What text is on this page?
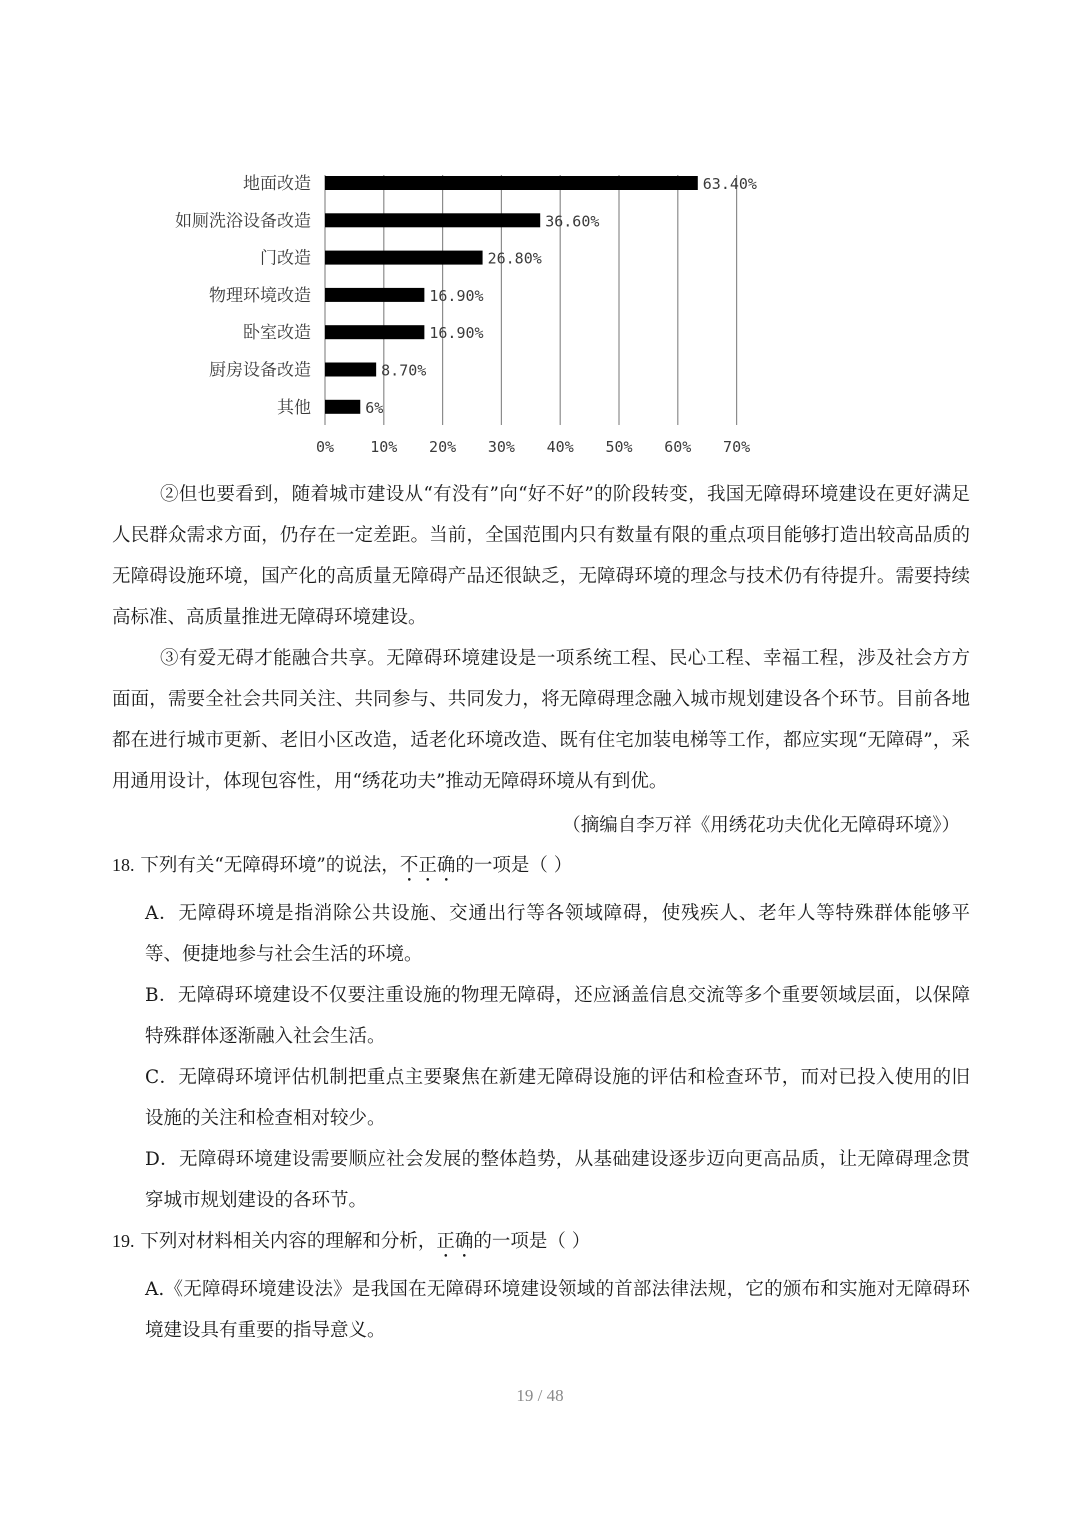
地面改造
如厕洗浴设备改造
门改造
物理环境改造
卧室改造
厨房设备改造
其他
63.40%
36.60%
26.80%
16.90%
16.90%
8.70%
6%
0% 10% 20% 30% 40% 50% 60% 70%

②但也要看到，随着城市建设从“有没有”向“好不好”的阶段转变，我国无障碍环境建设在更好满足人民群众需求方面，仍存在一定差距。当前，全国范围内只有数量有限的重点项目能够打造出较高品质的无障碍设施环境，国产化的高质量无障碍产品还很缺乏，无障碍环境的理念与技术仍有待提升。需要持续高标准、高质量推进无障碍环境建设。

③有爱无碍才能融合共享。无障碍环境建设是一项系统工程、民心工程、幸福工程，涉及社会方方面面，需要全社会共同关注、共同参与、共同发力，将无障碍理念融入城市规划建设各个环节。目前各地都在进行城市更新、老旧小区改造，适老化环境改造、既有住宅加装电梯等工作，都应实现“无障碍”，采用通用设计，体现包容性，用“绣花功夫”推动无障碍环境从有到优。

（摘编自李万祥《用绣花功夫优化无障碍环境》）

18. 下列有关“无障碍环境”的说法，不正确的一项是（ ）

A．无障碍环境是指消除公共设施、交通出行等各领域障碍，使残疾人、老年人等特殊群体能够平等、便捷地参与社会生活的环境。

B．无障碍环境建设不仅要注重设施的物理无障碍，还应涵盖信息交流等多个重要领域层面，以保障特殊群体逐渐融入社会生活。

C．无障碍环境评估机制把重点主要聚焦在新建无障碍设施的评估和检查环节，而对已投入使用的旧设施的关注和检查相对较少。

D．无障碍环境建设需要顺应社会发展的整体趋势，从基础建设逐步迈向更高品质，让无障碍理念贯穿城市规划建设的各环节。

19. 下列对材料相关内容的理解和分析，正确的一项是（ ）

A.《无障碍环境建设法》是我国在无障碍环境建设领域的首部法律法规，它的颁布和实施对无障碍环境建设具有重要的指导意义。

19 / 48
